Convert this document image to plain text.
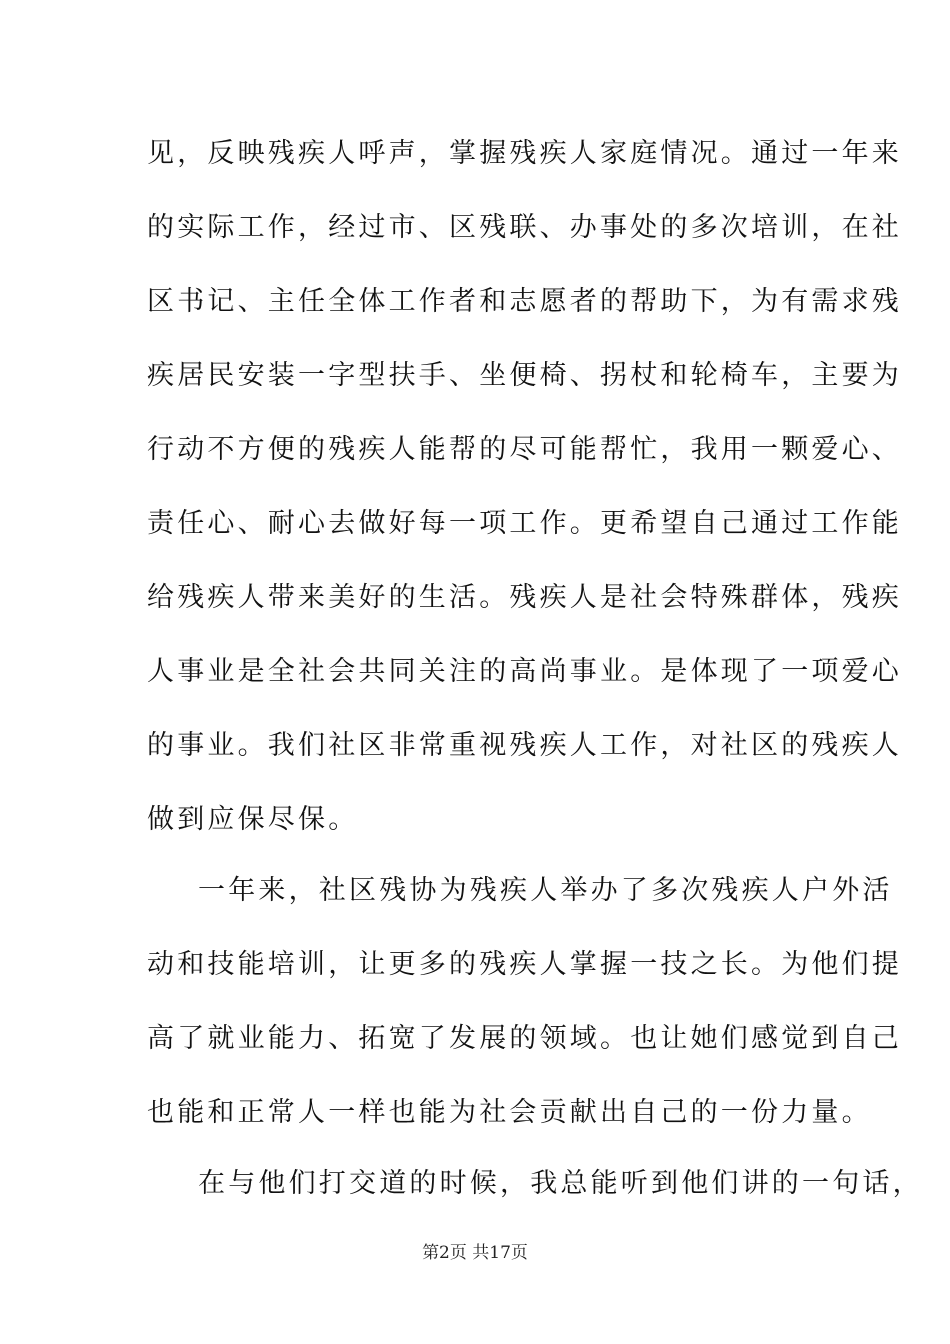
见，反映残疾人呼声，掌握残疾人家庭情况。通过一年来
的实际工作，经过市、区残联、办事处的多次培训，在社
区书记、主任全体工作者和志愿者的帮助下，为有需求残
疾居民安装一字型扶手、坐便椅、拐杖和轮椅车，主要为
行动不方便的残疾人能帮的尽可能帮忙，我用一颗爱心、
责任心、耐心去做好每一项工作。更希望自己通过工作能
给残疾人带来美好的生活。残疾人是社会特殊群体，残疾
人事业是全社会共同关注的高尚事业。是体现了一项爱心
的事业。我们社区非常重视残疾人工作，对社区的残疾人
做到应保尽保。
一年来，社区残协为残疾人举办了多次残疾人户外活
动和技能培训，让更多的残疾人掌握一技之长。为他们提
高了就业能力、拓宽了发展的领域。也让她们感觉到自己
也能和正常人一样也能为社会贡献出自己的一份力量。
在与他们打交道的时候，我总能听到他们讲的一句话，
第2页 共17页
